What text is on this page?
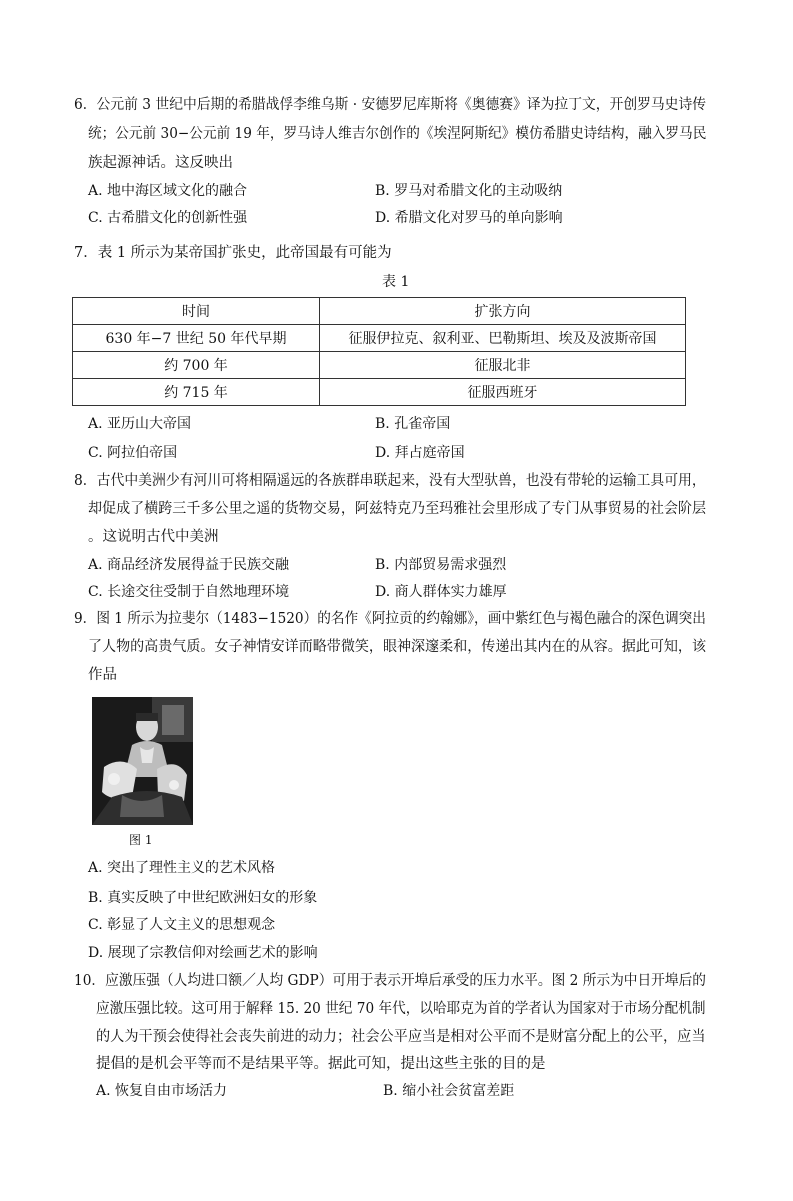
6．公元前 3 世纪中后期的希腊战俘李维乌斯 · 安德罗尼库斯将《奥德赛》译为拉丁文，开创罗马史诗传
统；公元前 30−公元前 19 年，罗马诗人维吉尔创作的《埃涅阿斯纪》模仿希腊史诗结构，融入罗马民
族起源神话。这反映出
A. 地中海区域文化的融合	B. 罗马对希腊文化的主动吸纳
C. 古希腊文化的创新性强	D. 希腊文化对罗马的单向影响
7．表 1 所示为某帝国扩张史，此帝国最有可能为
表 1
时间	扩张方向
630 年−7 世纪 50 年代早期	征服伊拉克、叙利亚、巴勒斯坦、埃及及波斯帝国
约 700 年	征服北非
约 715 年	征服西班牙
A. 亚历山大帝国	B. 孔雀帝国
C. 阿拉伯帝国	D. 拜占庭帝国
8．古代中美洲少有河川可将相隔遥远的各族群串联起来，没有大型驮兽，也没有带轮的运输工具可用，
却促成了横跨三千多公里之遥的货物交易，阿兹特克乃至玛雅社会里形成了专门从事贸易的社会阶层
。这说明古代中美洲
A. 商品经济发展得益于民族交融	B. 内部贸易需求强烈
C. 长途交往受制于自然地理环境	D. 商人群体实力雄厚
9．图 1 所示为拉斐尔（1483−1520）的名作《阿拉贡的约翰娜》，画中紫红色与褐色融合的深色调突出
了人物的高贵气质。女子神情安详而略带微笑，眼神深邃柔和，传递出其内在的从容。据此可知，该
作品
图 1
A. 突出了理性主义的艺术风格
B. 真实反映了中世纪欧洲妇女的形象
C. 彰显了人文主义的思想观念
D. 展现了宗教信仰对绘画艺术的影响
10．应激压强（人均进口额／人均 GDP）可用于表示开埠后承受的压力水平。图 2 所示为中日开埠后的
应激压强比较。这可用于解释 15. 20 世纪 70 年代，以哈耶克为首的学者认为国家对于市场分配机制
的人为干预会使得社会丧失前进的动力；社会公平应当是相对公平而不是财富分配上的公平，应当
提倡的是机会平等而不是结果平等。据此可知，提出这些主张的目的是
A. 恢复自由市场活力	B. 缩小社会贫富差距
